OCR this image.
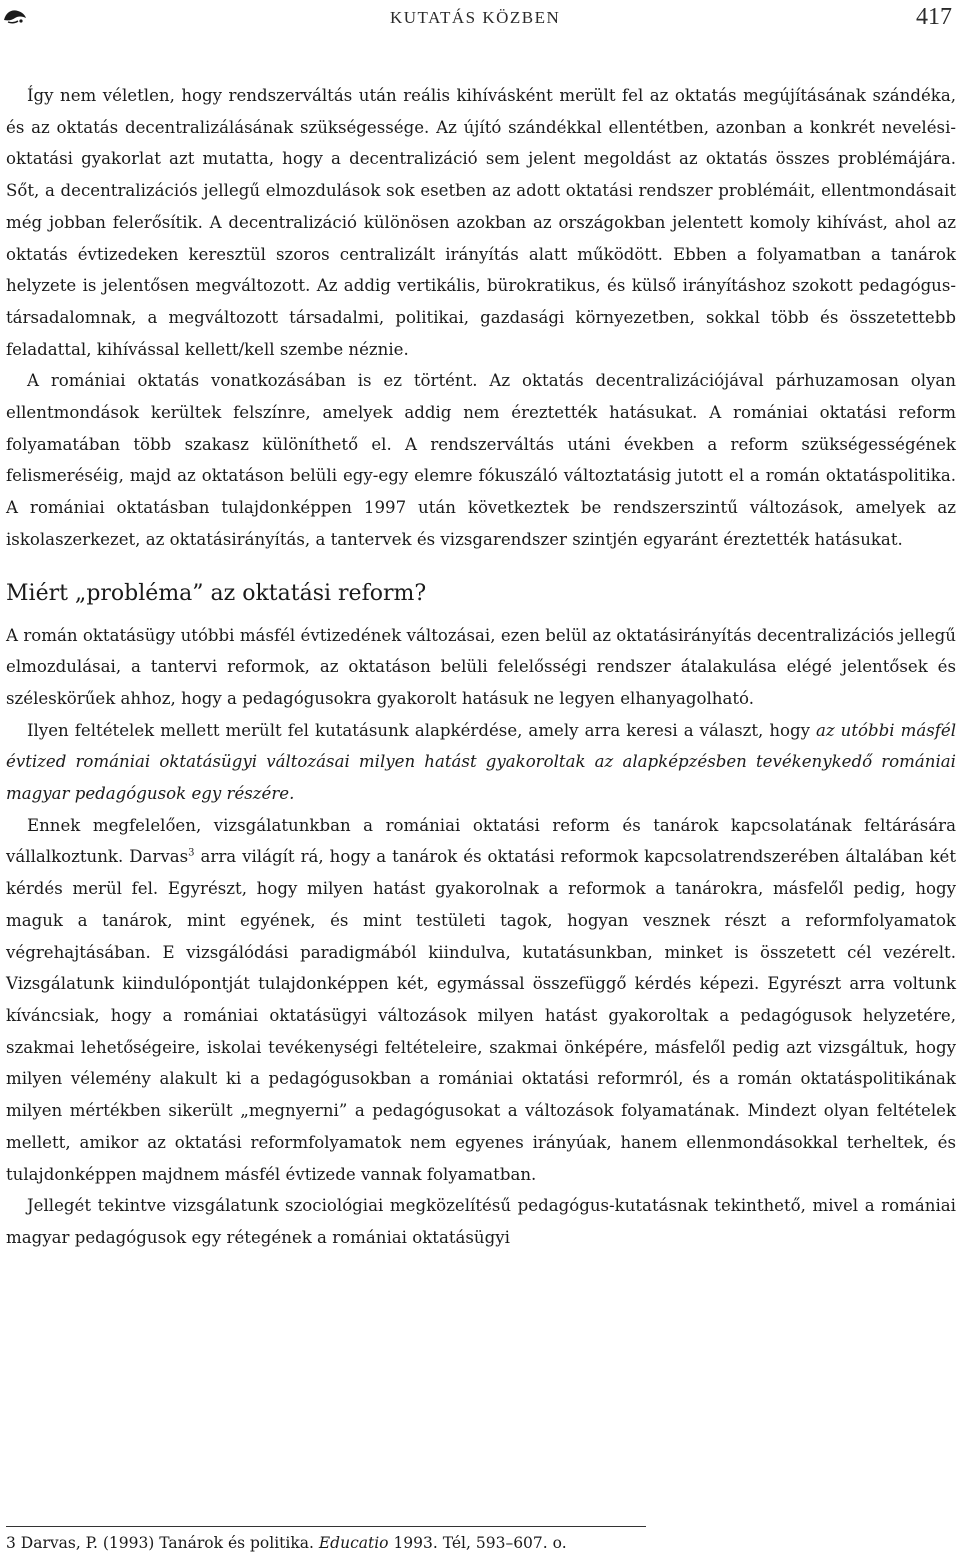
KUTATÁS KÖZBEN	417

Így nem véletlen, hogy rendszerváltás után reális kihívásként merült fel az oktatás megújításának szándéka, és az oktatás decentralizálásának szükségessége. Az újító szándékkal ellentétben, azonban a konkrét nevelési-oktatási gyakorlat azt mutatta, hogy a decentralizáció sem jelent megoldást az oktatás összes problémájára. Sőt, a decentralizációs jellegű elmozdulások sok esetben az adott oktatási rendszer problémáit, ellentmondásait még jobban felerősítik. A decentralizáció különösen azokban az országokban jelentett komoly kihívást, ahol az oktatás évtizedeken keresztül szoros centralizált irányítás alatt működött. Ebben a folyamatban a tanárok helyzete is jelentősen megváltozott. Az addig vertikális, bürokratikus, és külső irányításhoz szokott pedagógus-társadalomnak, a megváltozott társadalmi, politikai, gazdasági környezetben, sokkal több és összetettebb feladattal, kihívással kellett/kell szembe néznie.

A romániai oktatás vonatkozásában is ez történt. Az oktatás decentralizációjával párhuzamosan olyan ellentmondások kerültek felszínre, amelyek addig nem éreztették hatásukat. A romániai oktatási reform folyamatában több szakasz különíthető el. A rendszerváltás utáni években a reform szükségességének felismeréséig, majd az oktatáson belüli egy-egy elemre fókuszáló változtatásig jutott el a román oktatáspolitika. A romániai oktatásban tulajdonképpen 1997 után következtek be rendszerszintű változások, amelyek az iskolaszerkezet, az oktatásirányítás, a tantervek és vizsgarendszer szintjén egyaránt éreztették hatásukat.

Miért „probléma” az oktatási reform?

A román oktatásügy utóbbi másfél évtizedének változásai, ezen belül az oktatásirányítás decentralizációs jellegű elmozdulásai, a tantervi reformok, az oktatáson belüli felelősségi rendszer átalakulása elégé jelentősek és széleskörűek ahhoz, hogy a pedagógusokra gyakorolt hatásuk ne legyen elhanyagolható.

Ilyen feltételek mellett merült fel kutatásunk alapkérdése, amely arra keresi a választ, hogy az utóbbi másfél évtized romániai oktatásügyi változásai milyen hatást gyakoroltak az alapképzésben tevékenykedő romániai magyar pedagógusok egy részére.

Ennek megfelelően, vizsgálatunkban a romániai oktatási reform és tanárok kapcsolatának feltárására vállalkoztunk. Darvas$^3$ arra világít rá, hogy a tanárok és oktatási reformok kapcsolatrendszerében általában két kérdés merül fel. Egyrészt, hogy milyen hatást gyakorolnak a reformok a tanárokra, másfelől pedig, hogy maguk a tanárok, mint egyének, és mint testületi tagok, hogyan vesznek részt a reformfolyamatok végrehajtásában. E vizsgálódási paradigmából kiindulva, kutatásunkban, minket is összetett cél vezérelt. Vizsgálatunk kiindulópontját tulajdonképpen két, egymással összefüggő kérdés képezi. Egyrészt arra voltunk kíváncsiak, hogy a romániai oktatásügyi változások milyen hatást gyakoroltak a pedagógusok helyzetére, szakmai lehetőségeire, iskolai tevékenységi feltételeire, szakmai önképére, másfelől pedig azt vizsgáltuk, hogy milyen vélemény alakult ki a pedagógusokban a romániai oktatási reformról, és a román oktatáspolitikának milyen mértékben sikerült „megnyerni” a pedagógusokat a változások folyamatának. Mindezt olyan feltételek mellett, amikor az oktatási reformfolyamatok nem egyenes irányúak, hanem ellenmondásokkal terheltek, és tulajdonképpen majdnem másfél évtizede vannak folyamatban.

Jellegét tekintve vizsgálatunk szociológiai megközelítésű pedagógus-kutatásnak tekinthető, mivel a romániai magyar pedagógusok egy rétegének a romániai oktatásügyi

3 Darvas, P. (1993) Tanárok és politika. Educatio 1993. Tél, 593–607. o.
